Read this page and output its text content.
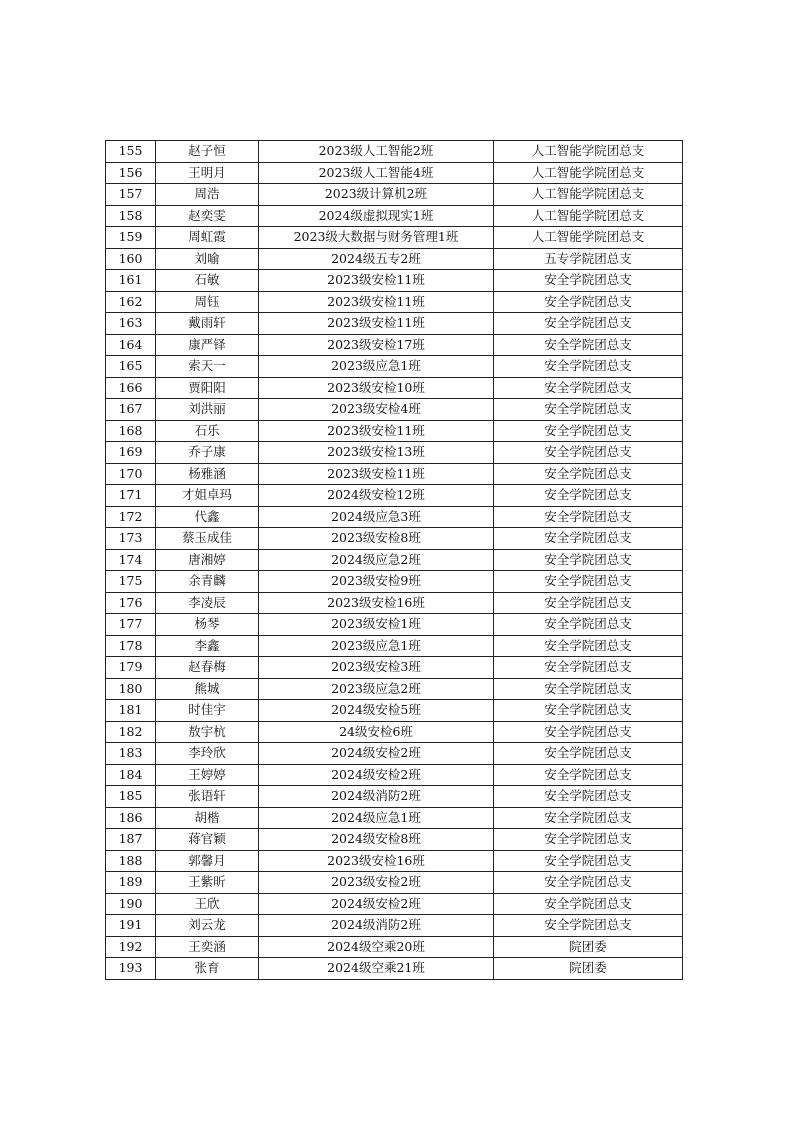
155	赵子恒	2023级人工智能2班	人工智能学院团总支
156	王明月	2023级人工智能4班	人工智能学院团总支
157	周浩	2023级计算机2班	人工智能学院团总支
158	赵奕雯	2024级虚拟现实1班	人工智能学院团总支
159	周虹霞	2023级大数据与财务管理1班	人工智能学院团总支
160	刘喻	2024级五专2班	五专学院团总支
161	石敏	2023级安检11班	安全学院团总支
162	周钰	2023级安检11班	安全学院团总支
163	戴雨轩	2023级安检11班	安全学院团总支
164	康严铎	2023级安检17班	安全学院团总支
165	索天一	2023级应急1班	安全学院团总支
166	贾阳阳	2023级安检10班	安全学院团总支
167	刘洪丽	2023级安检4班	安全学院团总支
168	石乐	2023级安检11班	安全学院团总支
169	乔子康	2023级安检13班	安全学院团总支
170	杨雅涵	2023级安检11班	安全学院团总支
171	才姐卓玛	2024级安检12班	安全学院团总支
172	代鑫	2024级应急3班	安全学院团总支
173	蔡玉成佳	2023级安检8班	安全学院团总支
174	唐湘婷	2024级应急2班	安全学院团总支
175	余青麟	2023级安检9班	安全学院团总支
176	李凌辰	2023级安检16班	安全学院团总支
177	杨琴	2023级安检1班	安全学院团总支
178	李鑫	2023级应急1班	安全学院团总支
179	赵春梅	2023级安检3班	安全学院团总支
180	熊城	2023级应急2班	安全学院团总支
181	时佳宇	2024级安检5班	安全学院团总支
182	敖宇杭	24级安检6班	安全学院团总支
183	李玲欣	2024级安检2班	安全学院团总支
184	王婷婷	2024级安检2班	安全学院团总支
185	张语轩	2024级消防2班	安全学院团总支
186	胡楷	2024级应急1班	安全学院团总支
187	蒋官颖	2024级安检8班	安全学院团总支
188	郭馨月	2023级安检16班	安全学院团总支
189	王紫昕	2023级安检2班	安全学院团总支
190	王欣	2024级安检2班	安全学院团总支
191	刘云龙	2024级消防2班	安全学院团总支
192	王奕涵	2024级空乘20班	院团委
193	张育	2024级空乘21班	院团委
